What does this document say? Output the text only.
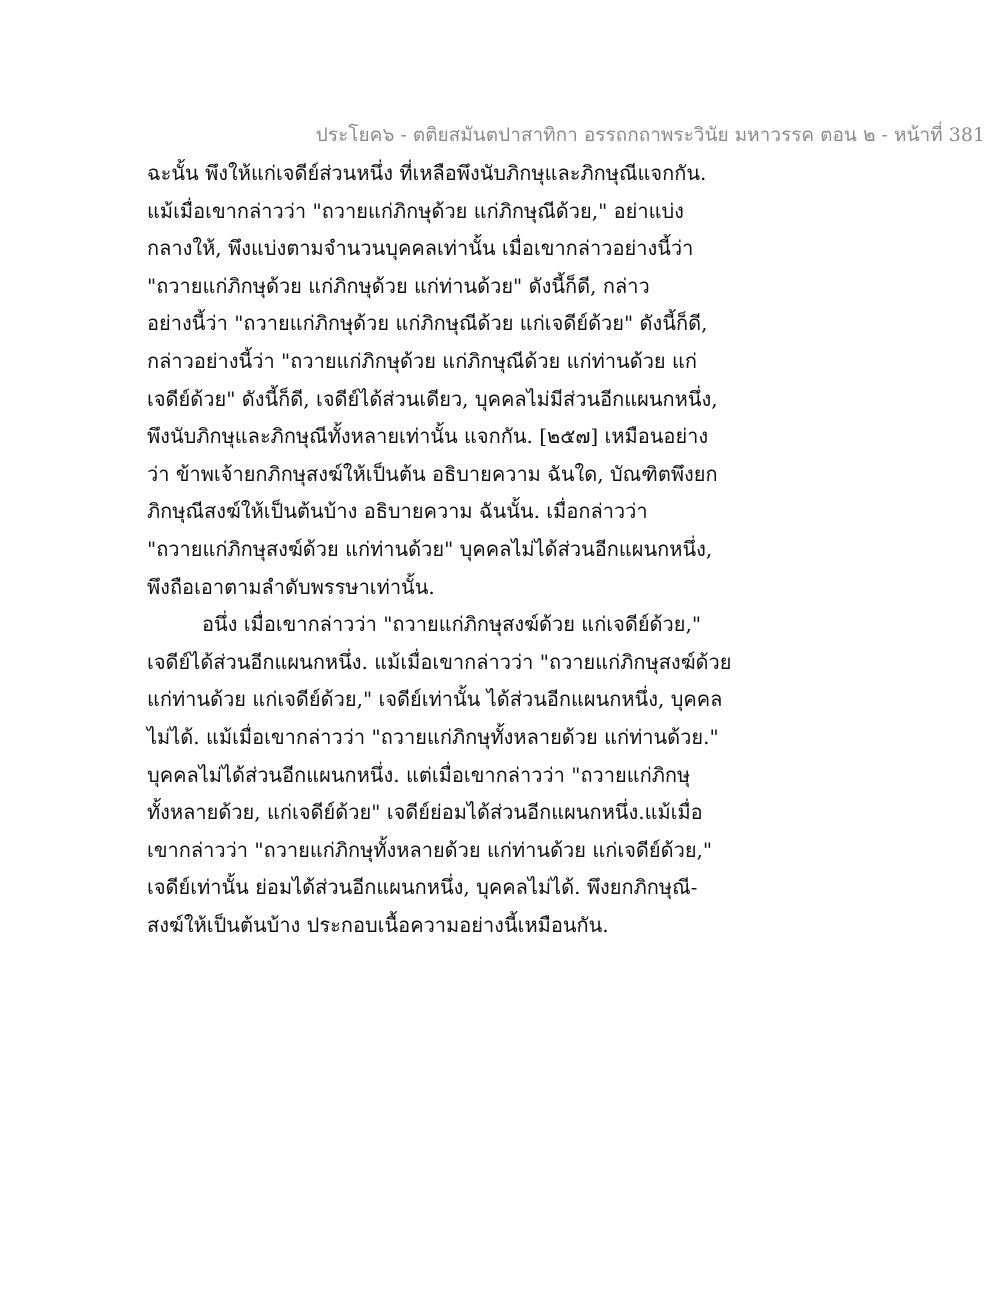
ประโยค๖ - ตติยสมันตปาสาทิกา อรรถกถาพระวินัย มหาวรรค ตอน ๒ - หน้าที่ 381
ฉะนั้น พึงให้แก่เจดีย์ส่วนหนึ่ง ที่เหลือพึงนับภิกษุและภิกษุณีแจกกัน.
แม้เมื่อเขากล่าวว่า "ถวายแก่ภิกษุด้วย แก่ภิกษุณีด้วย," อย่าแบ่ง
กลางให้, พึงแบ่งตามจำนวนบุคคลเท่านั้น เมื่อเขากล่าวอย่างนี้ว่า
"ถวายแก่ภิกษุด้วย แก่ภิกษุด้วย แก่ท่านด้วย" ดังนี้ก็ดี, กล่าว
อย่างนี้ว่า "ถวายแก่ภิกษุด้วย แก่ภิกษุณีด้วย แก่เจดีย์ด้วย" ดังนี้ก็ดี,
กล่าวอย่างนี้ว่า "ถวายแก่ภิกษุด้วย แก่ภิกษุณีด้วย แก่ท่านด้วย แก่
เจดีย์ด้วย" ดังนี้ก็ดี, เจดีย์ได้ส่วนเดียว, บุคคลไม่มีส่วนอีกแผนกหนึ่ง,
พึงนับภิกษุและภิกษุณีทั้งหลายเท่านั้น แจกกัน. [๒๕๗] เหมือนอย่าง
ว่า ข้าพเจ้ายกภิกษุสงฆ์ให้เป็นต้น อธิบายความ ฉันใด, บัณฑิตพึงยก
ภิกษุณีสงฆ์ให้เป็นต้นบ้าง อธิบายความ ฉันนั้น. เมื่อกล่าวว่า
"ถวายแก่ภิกษุสงฆ์ด้วย แก่ท่านด้วย" บุคคลไม่ได้ส่วนอีกแผนกหนึ่ง,
พึงถือเอาตามลำดับพรรษาเท่านั้น.
อนึ่ง เมื่อเขากล่าวว่า "ถวายแก่ภิกษุสงฆ์ด้วย แก่เจดีย์ด้วย,"
เจดีย์ได้ส่วนอีกแผนกหนึ่ง. แม้เมื่อเขากล่าวว่า "ถวายแก่ภิกษุสงฆ์ด้วย
แก่ท่านด้วย แก่เจดีย์ด้วย," เจดีย์เท่านั้น ได้ส่วนอีกแผนกหนึ่ง, บุคคล
ไม่ได้. แม้เมื่อเขากล่าวว่า "ถวายแก่ภิกษุทั้งหลายด้วย แก่ท่านด้วย."
บุคคลไม่ได้ส่วนอีกแผนกหนึ่ง. แต่เมื่อเขากล่าวว่า "ถวายแก่ภิกษุ
ทั้งหลายด้วย, แก่เจดีย์ด้วย" เจดีย์ย่อมได้ส่วนอีกแผนกหนึ่ง.แม้เมื่อ
เขากล่าวว่า "ถวายแก่ภิกษุทั้งหลายด้วย แก่ท่านด้วย แก่เจดีย์ด้วย,"
เจดีย์เท่านั้น ย่อมได้ส่วนอีกแผนกหนึ่ง, บุคคลไม่ได้. พึงยกภิกษุณี-
สงฆ์ให้เป็นต้นบ้าง ประกอบเนื้อความอย่างนี้เหมือนกัน.
